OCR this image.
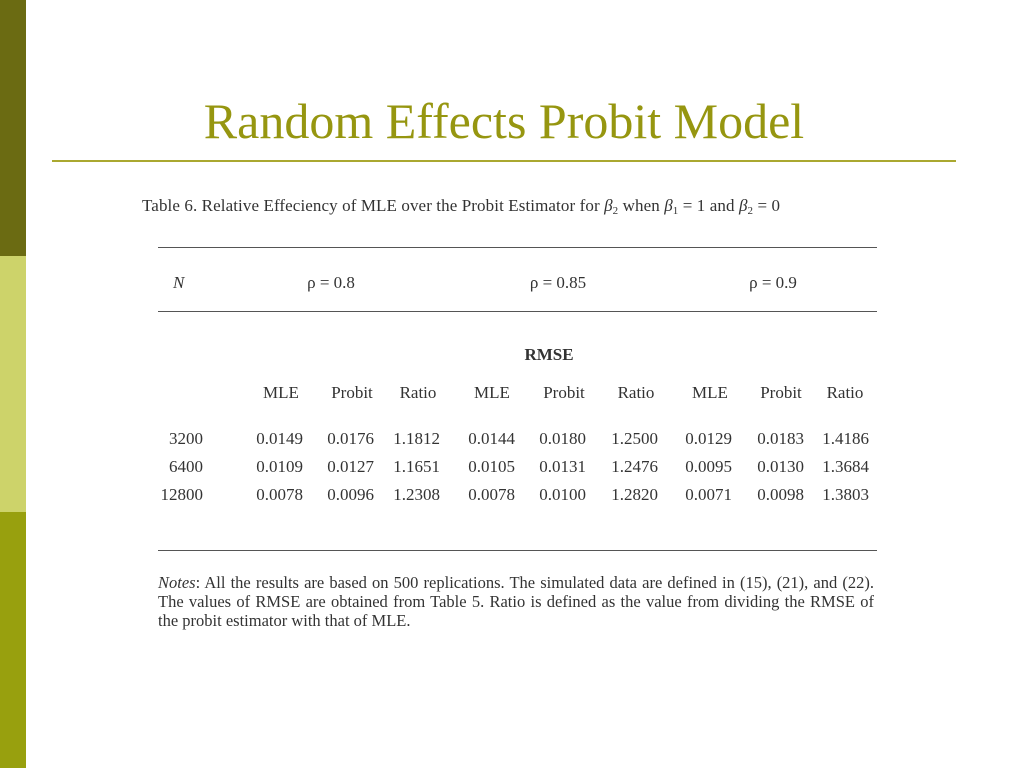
Random Effects Probit Model
Table 6. Relative Effeciency of MLE over the Probit Estimator for $\beta_2$ when $\beta_1 = 1$ and $\beta_2 = 0$
N	ρ = 0.8	ρ = 0.85	ρ = 0.9
RMSE
MLE Probit Ratio MLE Probit Ratio MLE Probit Ratio
3200	0.0149	0.0176	1.1812	0.0144	0.0180	1.2500	0.0129	0.0183	1.4186
6400	0.0109	0.0127	1.1651	0.0105	0.0131	1.2476	0.0095	0.0130	1.3684
12800	0.0078	0.0096	1.2308	0.0078	0.0100	1.2820	0.0071	0.0098	1.3803
Notes: All the results are based on 500 replications. The simulated data are defined in (15), (21), and (22). The values of RMSE are obtained from Table 5. Ratio is defined as the value from dividing the RMSE of the probit estimator with that of MLE.
